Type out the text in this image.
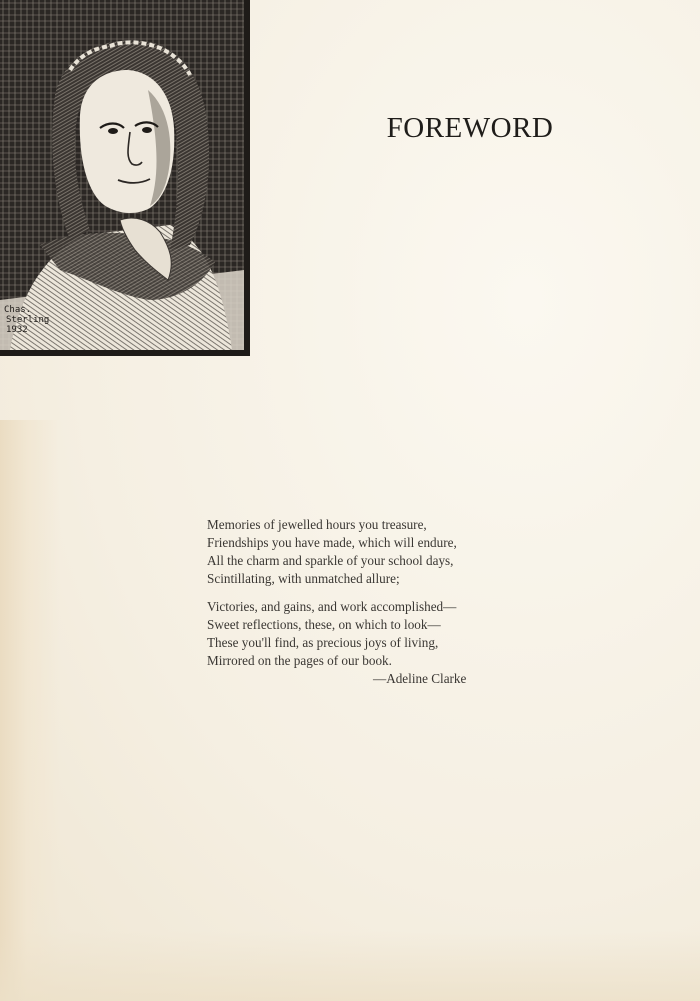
Chas.
Sterling
1932
FOREWORD
Memories of jewelled hours you treasure,
Friendships you have made, which will endure,
All the charm and sparkle of your school days,
Scintillating, with unmatched allure;
Victories, and gains, and work accomplished—
Sweet reflections, these, on which to look—
These you'll find, as precious joys of living,
Mirrored on the pages of our book.
—Adeline Clarke
